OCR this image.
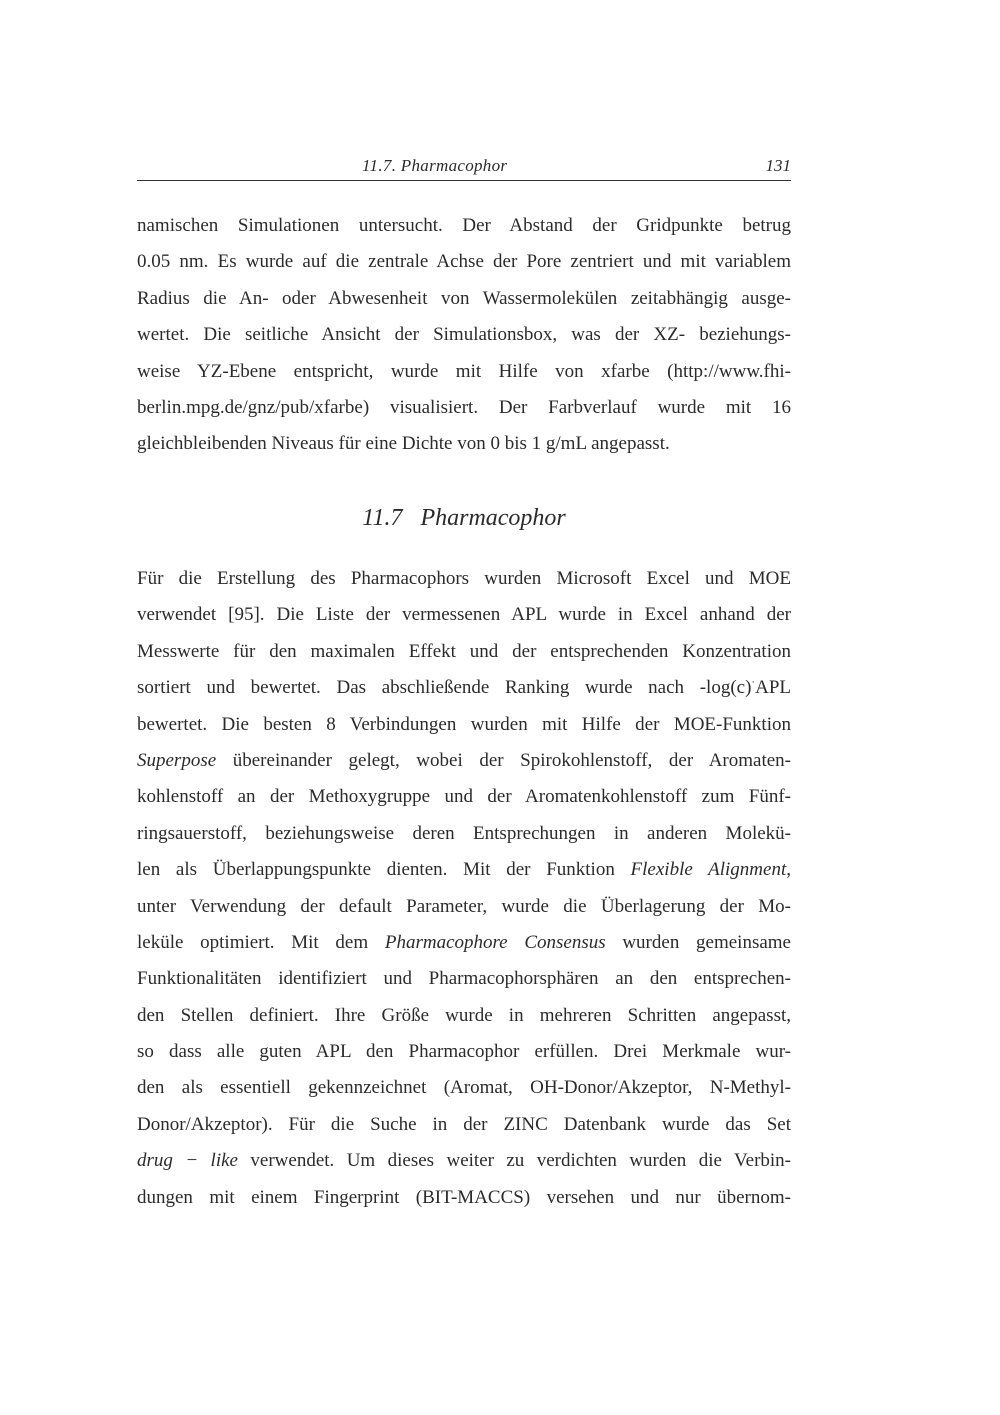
11.7. Pharmacophor	131
namischen Simulationen untersucht. Der Abstand der Gridpunkte betrug
0.05 nm. Es wurde auf die zentrale Achse der Pore zentriert und mit variablem
Radius die An- oder Abwesenheit von Wassermolekülen zeitabhängig ausge-
wertet. Die seitliche Ansicht der Simulationsbox, was der XZ- beziehungs-
weise YZ-Ebene entspricht, wurde mit Hilfe von xfarbe (http://www.fhi-
berlin.mpg.de/gnz/pub/xfarbe) visualisiert. Der Farbverlauf wurde mit 16
gleichbleibenden Niveaus für eine Dichte von 0 bis 1 g/mL angepasst.
11.7 Pharmacophor
Für die Erstellung des Pharmacophors wurden Microsoft Excel und MOE
verwendet [95]. Die Liste der vermessenen APL wurde in Excel anhand der
Messwerte für den maximalen Effekt und der entsprechenden Konzentration
sortiert und bewertet. Das abschließende Ranking wurde nach -log(c)·APL
bewertet. Die besten 8 Verbindungen wurden mit Hilfe der MOE-Funktion
Superpose übereinander gelegt, wobei der Spirokohlenstoff, der Aromaten-
kohlenstoff an der Methoxygruppe und der Aromatenkohlenstoff zum Fünf-
ringsauerstoff, beziehungsweise deren Entsprechungen in anderen Molekü-
len als Überlappungspunkte dienten. Mit der Funktion Flexible Alignment,
unter Verwendung der default Parameter, wurde die Überlagerung der Mo-
leküle optimiert. Mit dem Pharmacophore Consensus wurden gemeinsame
Funktionalitäten identifiziert und Pharmacophorsphären an den entsprechen-
den Stellen definiert. Ihre Größe wurde in mehreren Schritten angepasst,
so dass alle guten APL den Pharmacophor erfüllen. Drei Merkmale wur-
den als essentiell gekennzeichnet (Aromat, OH-Donor/Akzeptor, N-Methyl-
Donor/Akzeptor). Für die Suche in der ZINC Datenbank wurde das Set
drug − like verwendet. Um dieses weiter zu verdichten wurden die Verbin-
dungen mit einem Fingerprint (BIT-MACCS) versehen und nur übernom-
